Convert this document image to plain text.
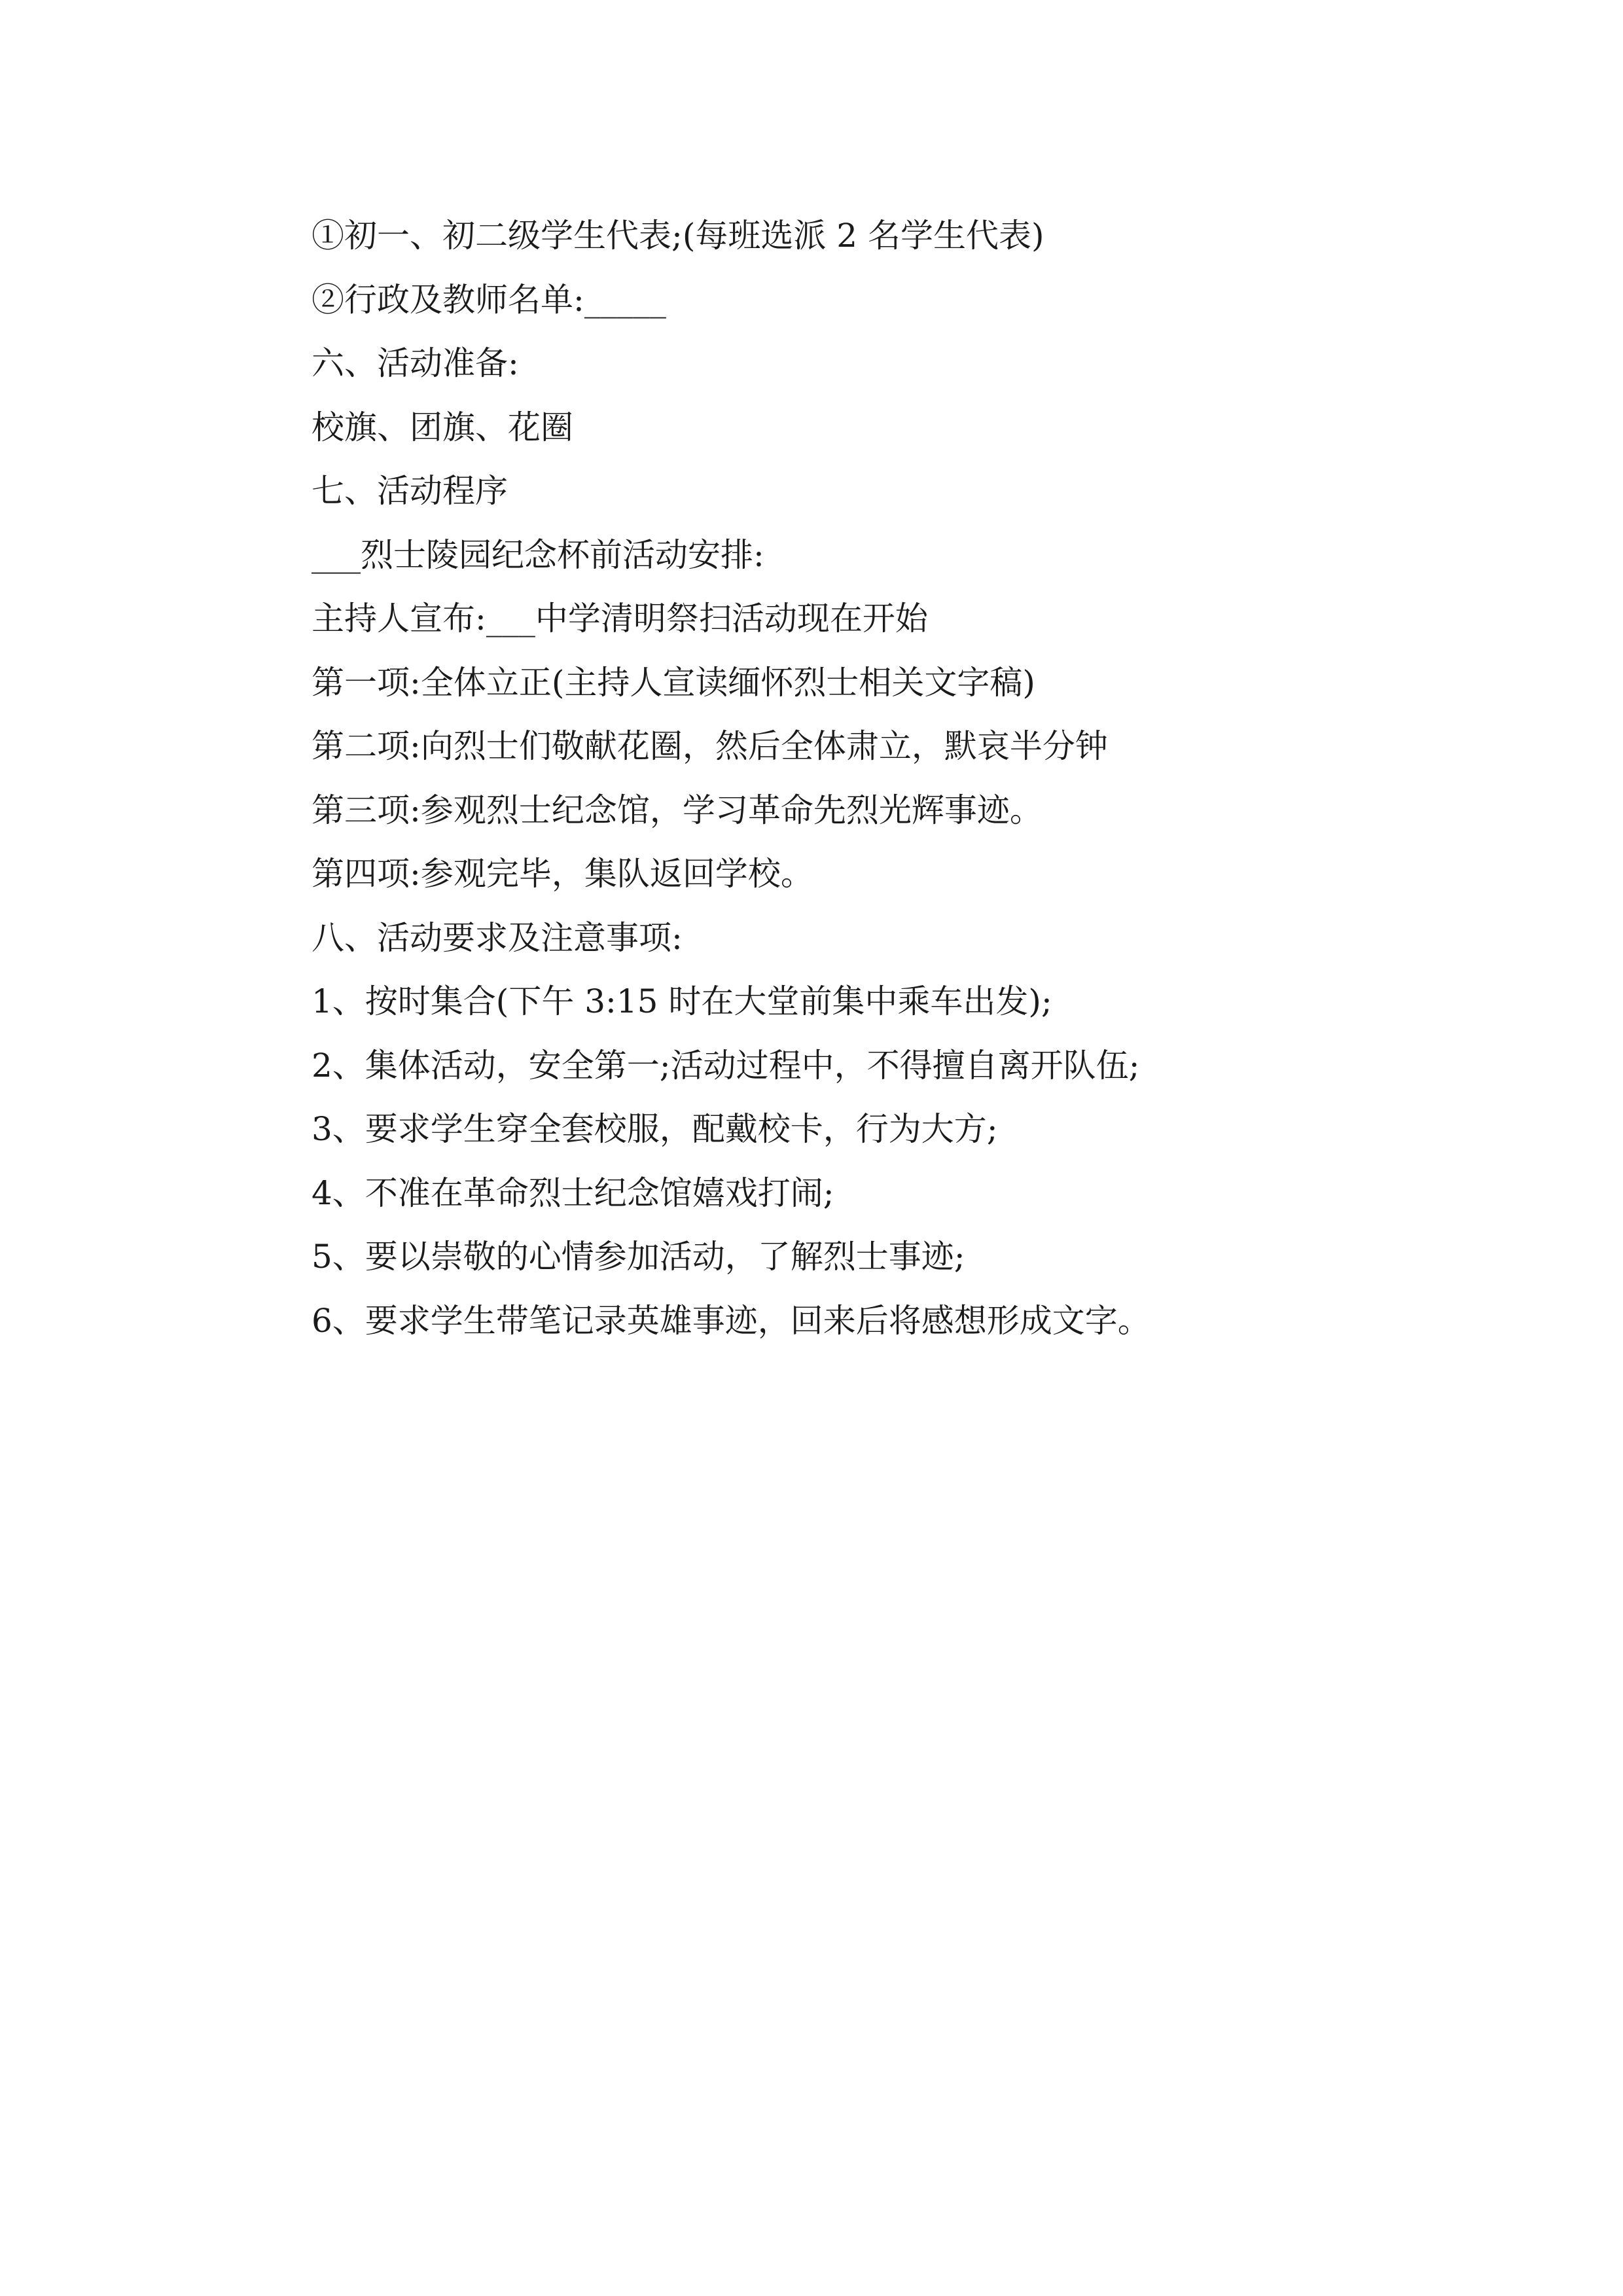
①初一、初二级学生代表;(每班选派 2 名学生代表)
②行政及教师名单:_____
六、活动准备:
校旗、团旗、花圈
七、活动程序
___烈士陵园纪念杯前活动安排:
主持人宣布:___中学清明祭扫活动现在开始
第一项:全体立正(主持人宣读缅怀烈士相关文字稿)
第二项:向烈士们敬献花圈，然后全体肃立，默哀半分钟
第三项:参观烈士纪念馆，学习革命先烈光辉事迹。
第四项:参观完毕，集队返回学校。
八、活动要求及注意事项:
1、按时集合(下午 3:15 时在大堂前集中乘车出发);
2、集体活动，安全第一;活动过程中，不得擅自离开队伍;
3、要求学生穿全套校服，配戴校卡，行为大方;
4、不准在革命烈士纪念馆嬉戏打闹;
5、要以崇敬的心情参加活动，了解烈士事迹;
6、要求学生带笔记录英雄事迹，回来后将感想形成文字。
